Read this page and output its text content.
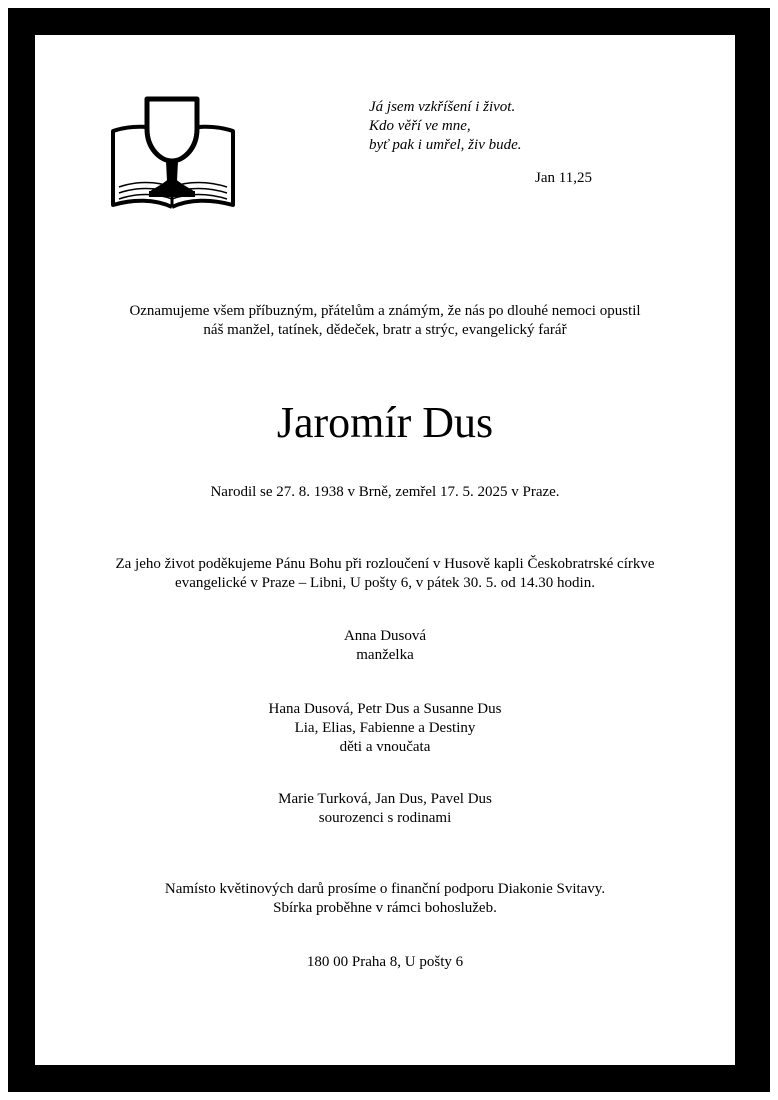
Já jsem vzkříšení i život.
Kdo věří ve mne,
byť pak i umřel, živ bude.
Jan 11,25
Oznamujeme všem příbuzným, přátelům a známým, že nás po dlouhé nemoci opustil
náš manžel, tatínek, dědeček, bratr a strýc, evangelický farář
Jaromír Dus
Narodil se 27. 8. 1938 v Brně, zemřel 17. 5. 2025 v Praze.
Za jeho život poděkujeme Pánu Bohu při rozloučení v Husově kapli Českobratrské církve
evangelické v Praze – Libni, U pošty 6, v pátek 30. 5. od 14.30 hodin.
Anna Dusová
manželka
Hana Dusová, Petr Dus a Susanne Dus
Lia, Elias, Fabienne a Destiny
děti a vnoučata
Marie Turková, Jan Dus, Pavel Dus
sourozenci s rodinami
Namísto květinových darů prosíme o finanční podporu Diakonie Svitavy.
Sbírka proběhne v rámci bohoslužeb.
180 00 Praha 8, U pošty 6
